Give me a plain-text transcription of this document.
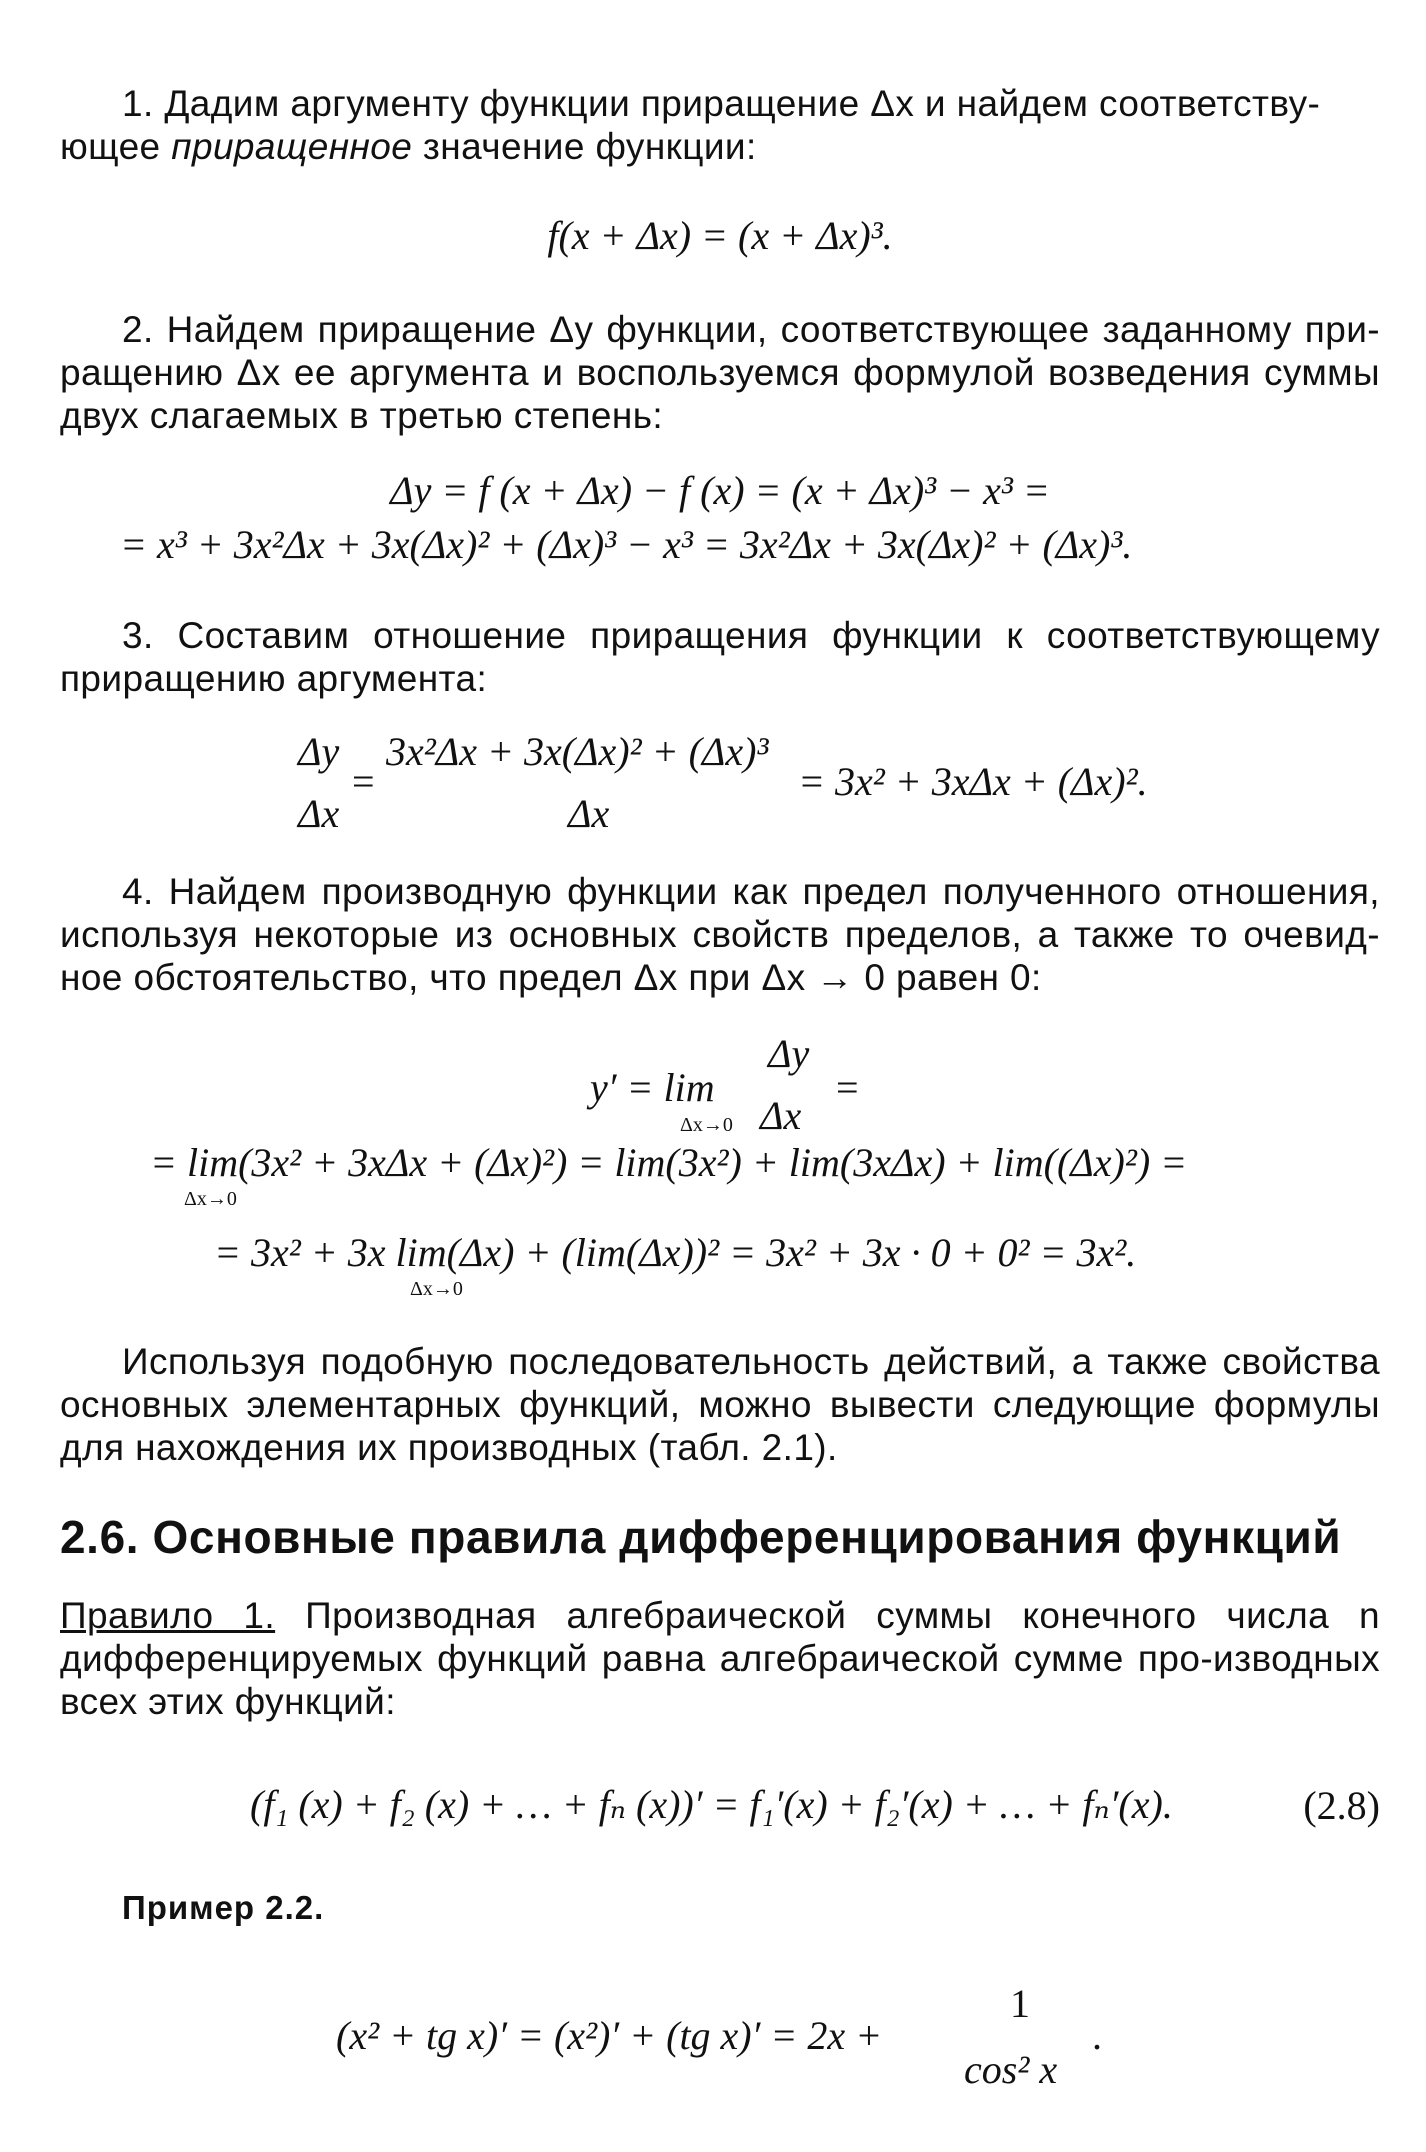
1. Дадим аргументу функции приращение Δx и найдем соответству-
ющее приращенное значение функции:

f(x + Δx) = (x + Δx)³.

2. Найдем приращение Δy функции, соответствующее заданному при-ращению Δx ее аргумента и воспользуемся формулой возведения суммы двух слагаемых в третью степень:

Δy = f (x + Δx) − f (x) = (x + Δx)³ − x³ =

= x³ + 3x²Δx + 3x(Δx)² + (Δx)³ − x³ = 3x²Δx + 3x(Δx)² + (Δx)³.

3. Составим отношение приращения функции к соответствующему приращению аргумента:

Δy
Δx
=
3x²Δx + 3x(Δx)² + (Δx)³
Δx
= 3x² + 3xΔx + (Δx)².

4. Найдем производную функции как предел полученного отношения, используя некоторые из основных свойств пределов, а также то очевид-ное обстоятельство, что предел Δx при Δx → 0 равен 0:

y′ = lim
Δx→0
Δy
Δx
=

= lim(3x² + 3xΔx + (Δx)²) = lim(3x²) + lim(3xΔx) + lim((Δx)²) =

Δx→0

= 3x² + 3x lim(Δx) + (lim(Δx))² = 3x² + 3x · 0 + 0² = 3x².

Δx→0

Используя подобную последовательность действий, а также свойства основных элементарных функций, можно вывести следующие формулы для нахождения их производных (табл. 2.1).

2.6. Основные правила дифференцирования функций

Правило 1. Производная алгебраической суммы конечного числа n дифференцируемых функций равна алгебраической сумме про-изводных всех этих функций:

(f₁ (x) + f₂ (x) + … + fₙ (x))′ = f₁′(x) + f₂′(x) + … + fₙ′(x).	(2.8)

Пример 2.2.

(x² + tg x)′ = (x²)′ + (tg x)′ = 2x +
1
cos² x
.
